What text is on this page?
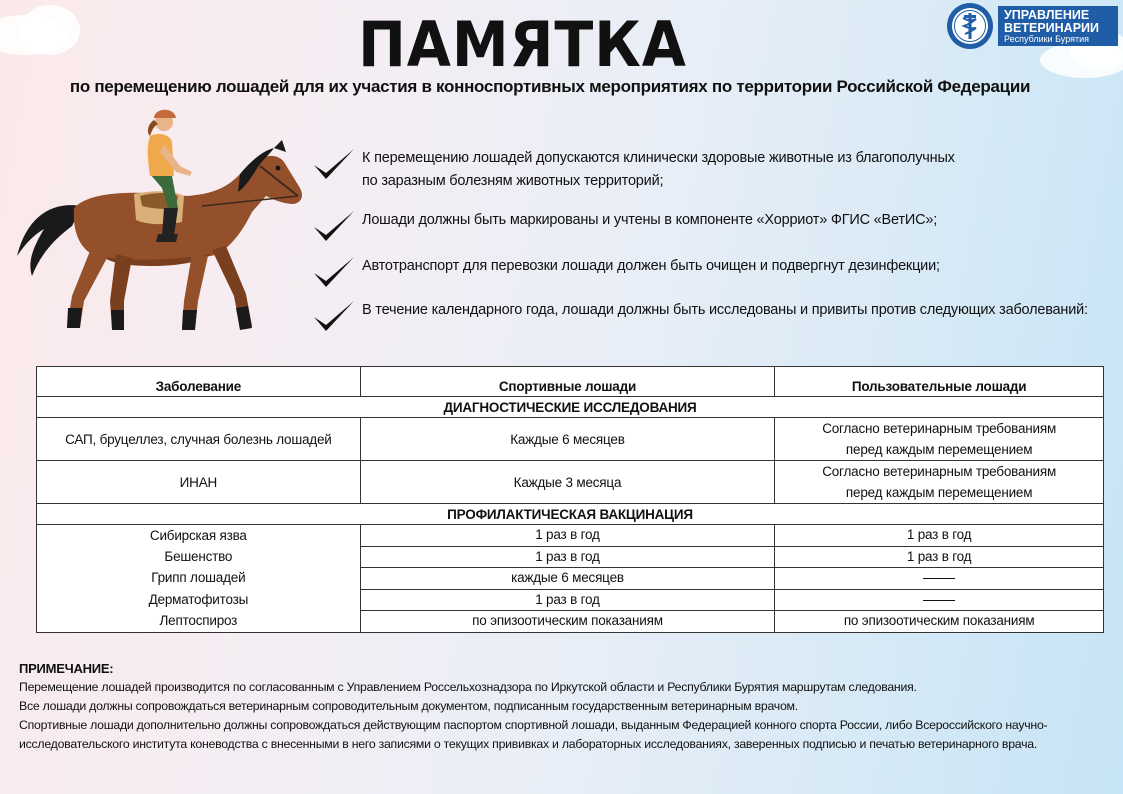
ПАМЯТКА
по перемещению лошадей для их участия в конноспортивных мероприятиях по территории Российской Федерации
УПРАВЛЕНИЕ
ВЕТЕРИНАРИИ
Республики Бурятия
К перемещению лошадей допускаются клинически здоровые животные из благополучных
по заразным болезням животных территорий;
Лошади должны быть маркированы и учтены в компоненте «Хорриот» ФГИС «ВетИС»;
Автотранспорт для перевозки лошади должен быть очищен и подвергнут дезинфекции;
В течение календарного года, лошади должны быть исследованы и привиты против следующих заболеваний:
Заболевание	Спортивные лошади	Пользовательные лошади
ДИАГНОСТИЧЕСКИЕ ИССЛЕДОВАНИЯ		
САП, бруцеллез, случная болезнь лошадей	Каждые 6 месяцев	Согласно ветеринарным требованиям
перед каждым перемещением

ИНАН	Каждые 3 месяца	Согласно ветеринарным требованиям
перед каждым перемещением

ПРОФИЛАКТИЧЕСКАЯ ВАКЦИНАЦИЯ		
Сибирская язва	1 раз в год	1 раз в год
Бешенство	1 раз в год	1 раз в год
Грипп лошадей	каждые 6 месяцев	
Дерматофитозы	1 раз в год	
Лептоспироз	по эпизоотическим показаниям	по эпизоотическим показаниям
ПРИМЕЧАНИЕ:
Перемещение лошадей производится по согласованным с Управлением Россельхознадзора по Иркутской области и Республики Бурятия маршрутам следования.
Все лошади должны сопровождаться ветеринарным сопроводительным документом, подписанным государственным ветеринарным врачом.
Спортивные лошади дополнительно должны сопровождаться действующим паспортом спортивной лошади, выданным Федерацией конного спорта России, либо Всероссийского научно-
исследовательского института коневодства с внесенными в него записями о текущих прививках и лабораторных исследованиях, заверенных подписью и печатью ветеринарного врача.
